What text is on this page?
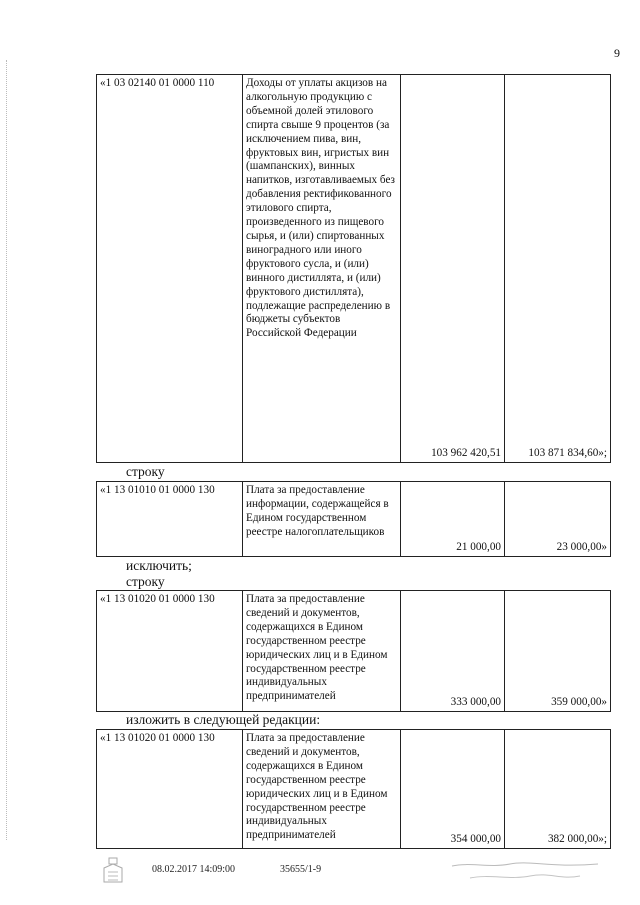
9
«1 03 02140 01 0000 110	Доходы от уплаты акцизов на алкогольную продукцию с объемной долей этилового спирта свыше 9 процентов (за исключением пива, вин, фруктовых вин, игристых вин (шампанских), винных напитков, изготавливаемых без добавления ректификованного этилового спирта, произведенного из пищевого сырья, и (или) спиртованных виноградного или иного фруктового сусла, и (или) винного дистиллята, и (или) фруктового дистиллята), подлежащие распределению в бюджеты субъектов Российской Федерации	103 962 420,51	103 871 834,60»;
строку
«1 13 01010 01 0000 130	Плата за предоставление информации, содержащейся в Едином государственном реестре налогоплательщиков	21 000,00	23 000,00»
исключить;
строку
«1 13 01020 01 0000 130	Плата за предоставление сведений и документов, содержащихся в Едином государственном реестре юридических лиц и в Едином государственном реестре индивидуальных предпринимателей	333 000,00	359 000,00»
изложить в следующей редакции:
«1 13 01020 01 0000 130	Плата за предоставление сведений и документов, содержащихся в Едином государственном реестре юридических лиц и в Едином государственном реестре индивидуальных предпринимателей	354 000,00	382 000,00»;
08.02.2017 14:09:00	35655/1-9
